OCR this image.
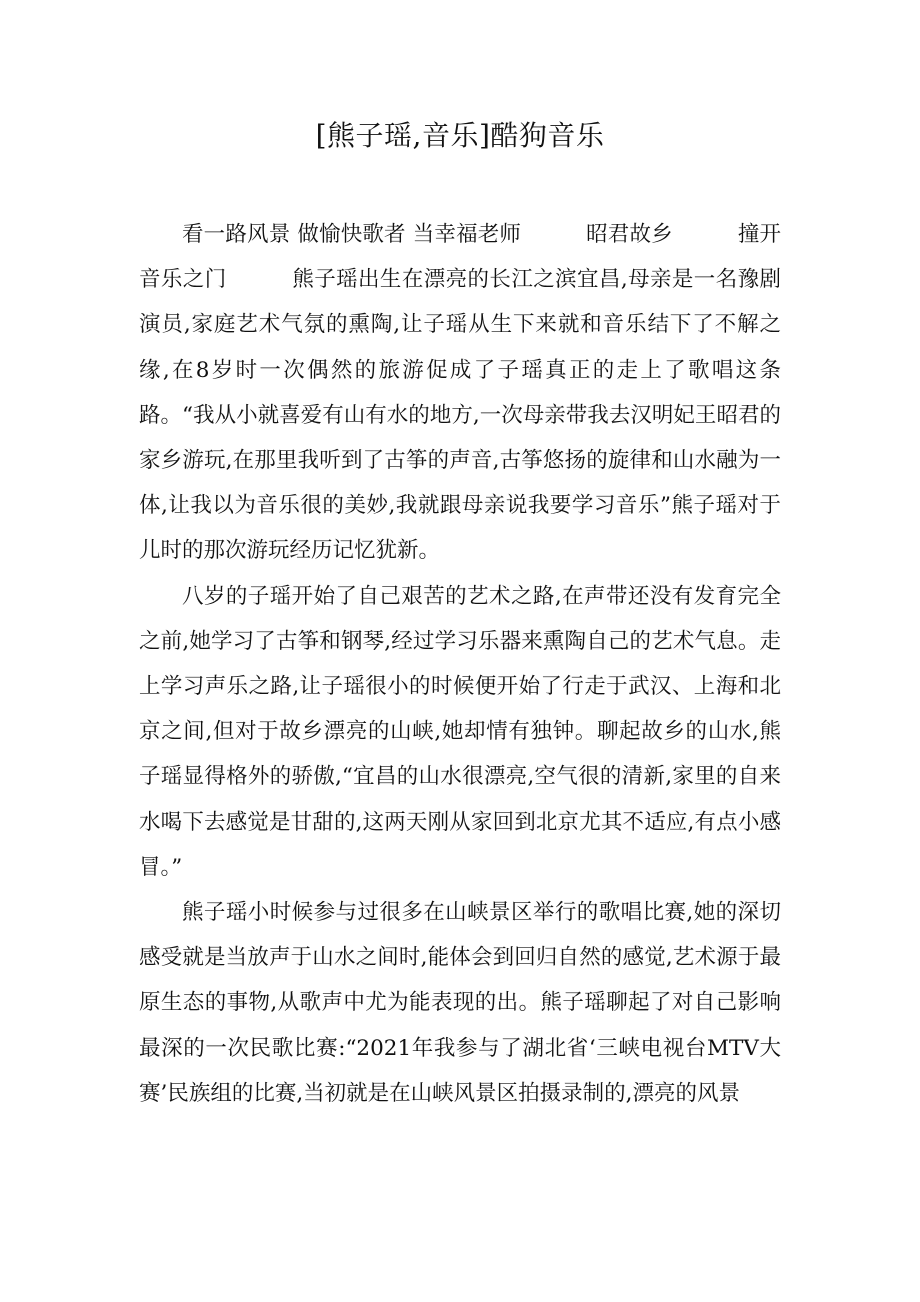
[熊子瑶,音乐]酷狗音乐

看一路风景 做愉快歌者 当幸福老师　　　昭君故乡　　　撞开音乐之门　　　熊子瑶出生在漂亮的长江之滨宜昌,母亲是一名豫剧演员,家庭艺术气氛的熏陶,让子瑶从生下来就和音乐结下了不解之缘,在8岁时一次偶然的旅游促成了子瑶真正的走上了歌唱这条路。“我从小就喜爱有山有水的地方,一次母亲带我去汉明妃王昭君的家乡游玩,在那里我听到了古筝的声音,古筝悠扬的旋律和山水融为一体,让我以为音乐很的美妙,我就跟母亲说我要学习音乐”熊子瑶对于儿时的那次游玩经历记忆犹新。

八岁的子瑶开始了自己艰苦的艺术之路,在声带还没有发育完全之前,她学习了古筝和钢琴,经过学习乐器来熏陶自己的艺术气息。走上学习声乐之路,让子瑶很小的时候便开始了行走于武汉、上海和北京之间,但对于故乡漂亮的山峡,她却情有独钟。聊起故乡的山水,熊子瑶显得格外的骄傲,“宜昌的山水很漂亮,空气很的清新,家里的自来水喝下去感觉是甘甜的,这两天刚从家回到北京尤其不适应,有点小感冒。”

熊子瑶小时候参与过很多在山峡景区举行的歌唱比赛,她的深切感受就是当放声于山水之间时,能体会到回归自然的感觉,艺术源于最原生态的事物,从歌声中尤为能表现的出。熊子瑶聊起了对自己影响最深的一次民歌比赛:“2021年我参与了湖北省‘三峡电视台MTV大赛’民族组的比赛,当初就是在山峡风景区拍摄录制的,漂亮的风景
